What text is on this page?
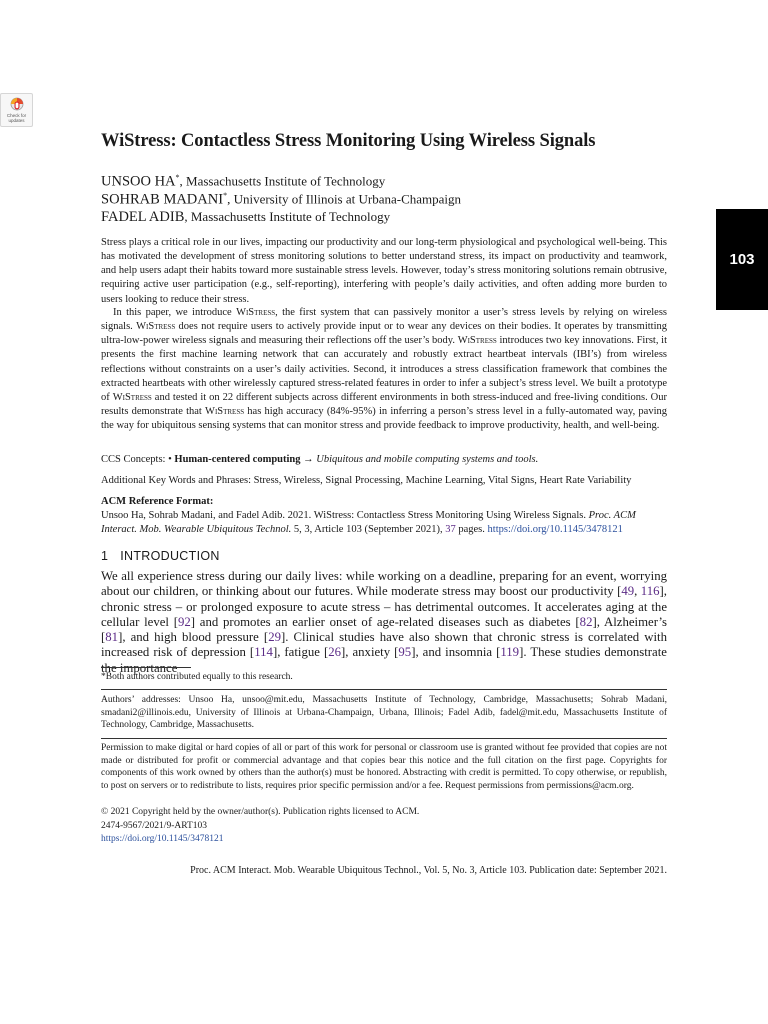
Check for
updates
103
WiStress: Contactless Stress Monitoring Using Wireless Signals
UNSOO HA*, Massachusetts Institute of Technology
SOHRAB MADANI*, University of Illinois at Urbana-Champaign
FADEL ADIB, Massachusetts Institute of Technology

Stress plays a critical role in our lives, impacting our productivity and our long-term physiological and psychological well-being. This has motivated the development of stress monitoring solutions to better understand stress, its impact on productivity and teamwork, and help users adapt their habits toward more sustainable stress levels. However, today’s stress monitoring solutions remain obtrusive, requiring active user participation (e.g., self-reporting), interfering with people’s daily activities, and often adding more burden to users looking to reduce their stress.

In this paper, we introduce WiStress, the first system that can passively monitor a user’s stress levels by relying on wireless signals. WiStress does not require users to actively provide input or to wear any devices on their bodies. It operates by transmitting ultra-low-power wireless signals and measuring their reflections off the user’s body. WiStress introduces two key innovations. First, it presents the first machine learning network that can accurately and robustly extract heartbeat intervals (IBI’s) from wireless reflections without constraints on a user’s daily activities. Second, it introduces a stress classification framework that combines the extracted heartbeats with other wirelessly captured stress-related features in order to infer a subject’s stress level. We built a prototype of WiStress and tested it on 22 different subjects across different environments in both stress-induced and free-living conditions. Our results demonstrate that WiStress has high accuracy (84%-95%) in inferring a person’s stress level in a fully-automated way, paving the way for ubiquitous sensing systems that can monitor stress and provide feedback to improve productivity, health, and well-being.

CCS Concepts: • Human-centered computing → Ubiquitous and mobile computing systems and tools.
Additional Key Words and Phrases: Stress, Wireless, Signal Processing, Machine Learning, Vital Signs, Heart Rate Variability
ACM Reference Format:

Unsoo Ha, Sohrab Madani, and Fadel Adib. 2021. WiStress: Contactless Stress Monitoring Using Wireless Signals. Proc. ACM Interact. Mob. Wearable Ubiquitous Technol. 5, 3, Article 103 (September 2021), 37 pages. https://doi.org/10.1145/3478121

1 INTRODUCTION

We all experience stress during our daily lives: while working on a deadline, preparing for an event, worrying about our children, or thinking about our futures. While moderate stress may boost our productivity [49, 116], chronic stress – or prolonged exposure to acute stress – has detrimental outcomes. It accelerates aging at the cellular level [92] and promotes an earlier onset of age-related diseases such as diabetes [82], Alzheimer’s [81], and high blood pressure [29]. Clinical studies have also shown that chronic stress is correlated with increased risk of depression [114], fatigue [26], anxiety [95], and insomnia [119]. These studies demonstrate the importance

*Both authors contributed equally to this research.

Authors’ addresses: Unsoo Ha, unsoo@mit.edu, Massachusetts Institute of Technology, Cambridge, Massachusetts; Sohrab Madani, smadani2@illinois.edu, University of Illinois at Urbana-Champaign, Urbana, Illinois; Fadel Adib, fadel@mit.edu, Massachusetts Institute of Technology, Cambridge, Massachusetts.

Permission to make digital or hard copies of all or part of this work for personal or classroom use is granted without fee provided that copies are not made or distributed for profit or commercial advantage and that copies bear this notice and the full citation on the first page. Copyrights for components of this work owned by others than the author(s) must be honored. Abstracting with credit is permitted. To copy otherwise, or republish, to post on servers or to redistribute to lists, requires prior specific permission and/or a fee. Request permissions from permissions@acm.org.

© 2021 Copyright held by the owner/author(s). Publication rights licensed to ACM.
2474-9567/2021/9-ART103
https://doi.org/10.1145/3478121
Proc. ACM Interact. Mob. Wearable Ubiquitous Technol., Vol. 5, No. 3, Article 103. Publication date: September 2021.
